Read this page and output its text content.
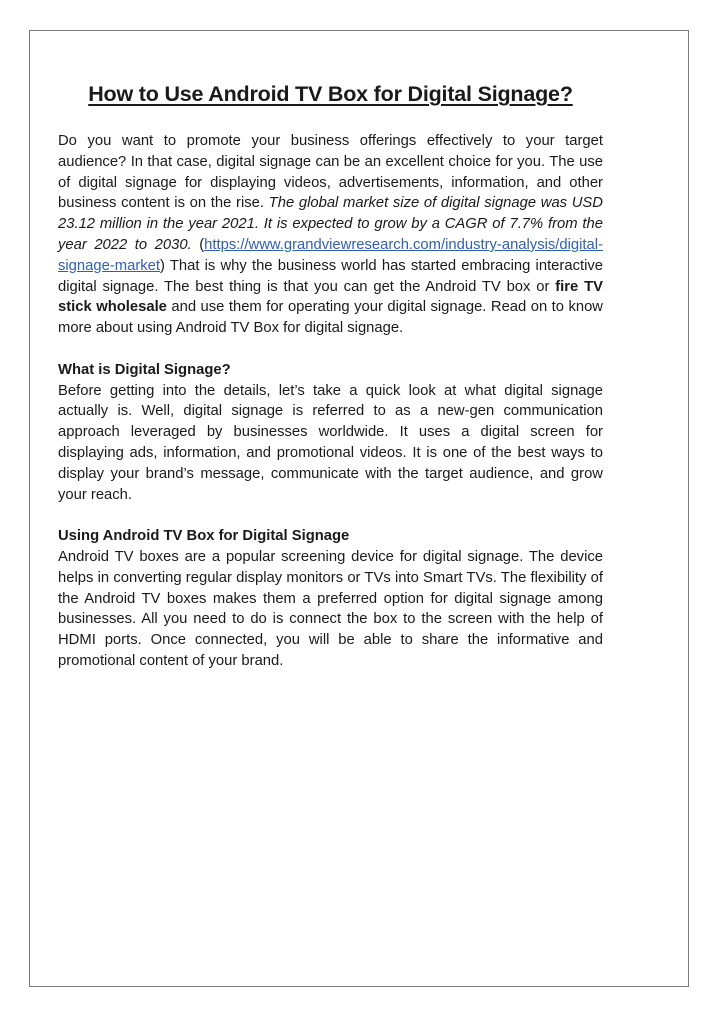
How to Use Android TV Box for Digital Signage?

Do you want to promote your business offerings effectively to your target audience? In that case, digital signage can be an excellent choice for you. The use of digital signage for displaying videos, advertisements, information, and other business content is on the rise. The global market size of digital signage was USD 23.12 million in the year 2021. It is expected to grow by a CAGR of 7.7% from the year 2022 to 2030. (https://www.grandviewresearch.com/industry-analysis/digital-signage-market) That is why the business world has started embracing interactive digital signage. The best thing is that you can get the Android TV box or fire TV stick wholesale and use them for operating your digital signage. Read on to know more about using Android TV Box for digital signage.

What is Digital Signage?

Before getting into the details, let’s take a quick look at what digital signage actually is. Well, digital signage is referred to as a new-gen communication approach leveraged by businesses worldwide. It uses a digital screen for displaying ads, information, and promotional videos. It is one of the best ways to display your brand’s message, communicate with the target audience, and grow your reach.

Using Android TV Box for Digital Signage

Android TV boxes are a popular screening device for digital signage. The device helps in converting regular display monitors or TVs into Smart TVs. The flexibility of the Android TV boxes makes them a preferred option for digital signage among businesses. All you need to do is connect the box to the screen with the help of HDMI ports. Once connected, you will be able to share the informative and promotional content of your brand.
